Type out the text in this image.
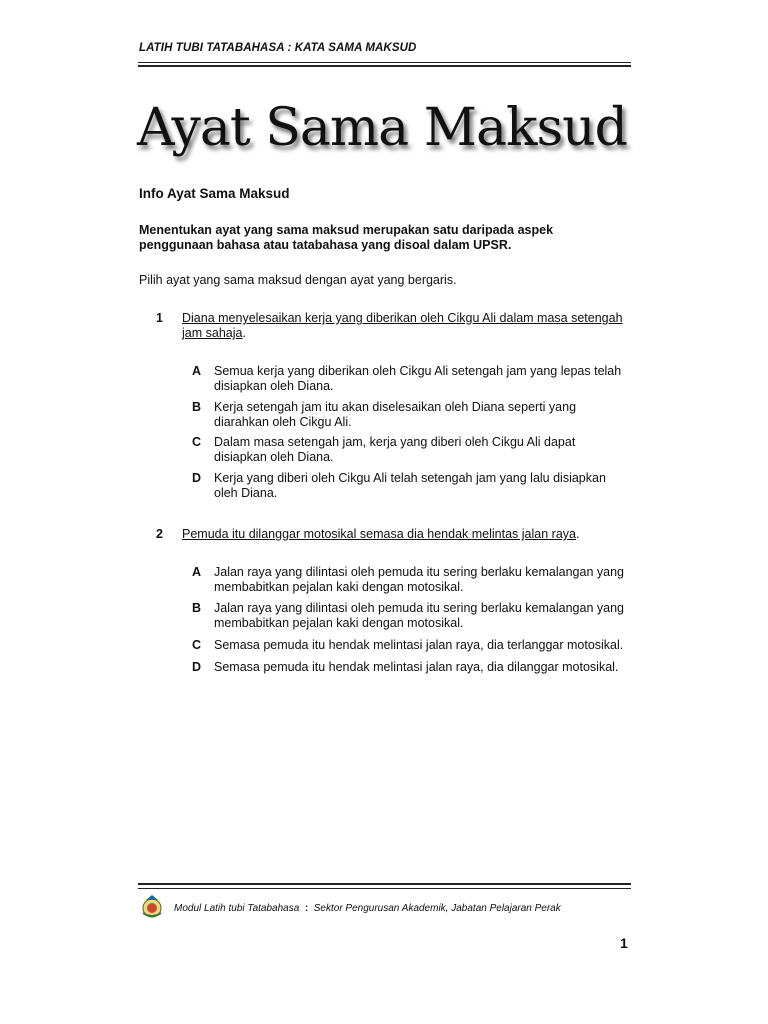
LATIH TUBI TATABAHASA : KATA SAMA MAKSUD
Ayat Sama Maksud
Info Ayat Sama Maksud
Menentukan ayat yang sama maksud merupakan satu daripada aspek
penggunaan bahasa atau tatabahasa yang disoal dalam UPSR.
Pilih ayat yang sama maksud dengan ayat yang bergaris.
1 Diana menyelesaikan kerja yang diberikan oleh Cikgu Ali dalam masa setengah
jam sahaja.
A Semua kerja yang diberikan oleh Cikgu Ali setengah jam yang lepas telah
disiapkan oleh Diana.
B Kerja setengah jam itu akan diselesaikan oleh Diana seperti yang
diarahkan oleh Cikgu Ali.
C Dalam masa setengah jam, kerja yang diberi oleh Cikgu Ali dapat
disiapkan oleh Diana.
D Kerja yang diberi oleh Cikgu Ali telah setengah jam yang lalu disiapkan
oleh Diana.
2 Pemuda itu dilanggar motosikal semasa dia hendak melintas jalan raya.
A Jalan raya yang dilintasi oleh pemuda itu sering berlaku kemalangan yang
membabitkan pejalan kaki dengan motosikal.
B Jalan raya yang dilintasi oleh pemuda itu sering berlaku kemalangan yang
membabitkan pejalan kaki dengan motosikal.
C Semasa pemuda itu hendak melintasi jalan raya, dia terlanggar motosikal.
D Semasa pemuda itu hendak melintasi jalan raya, dia dilanggar motosikal.
Modul Latih tubi Tatabahasa : Sektor Pengurusan Akademik, Jabatan Pelajaran Perak
1
